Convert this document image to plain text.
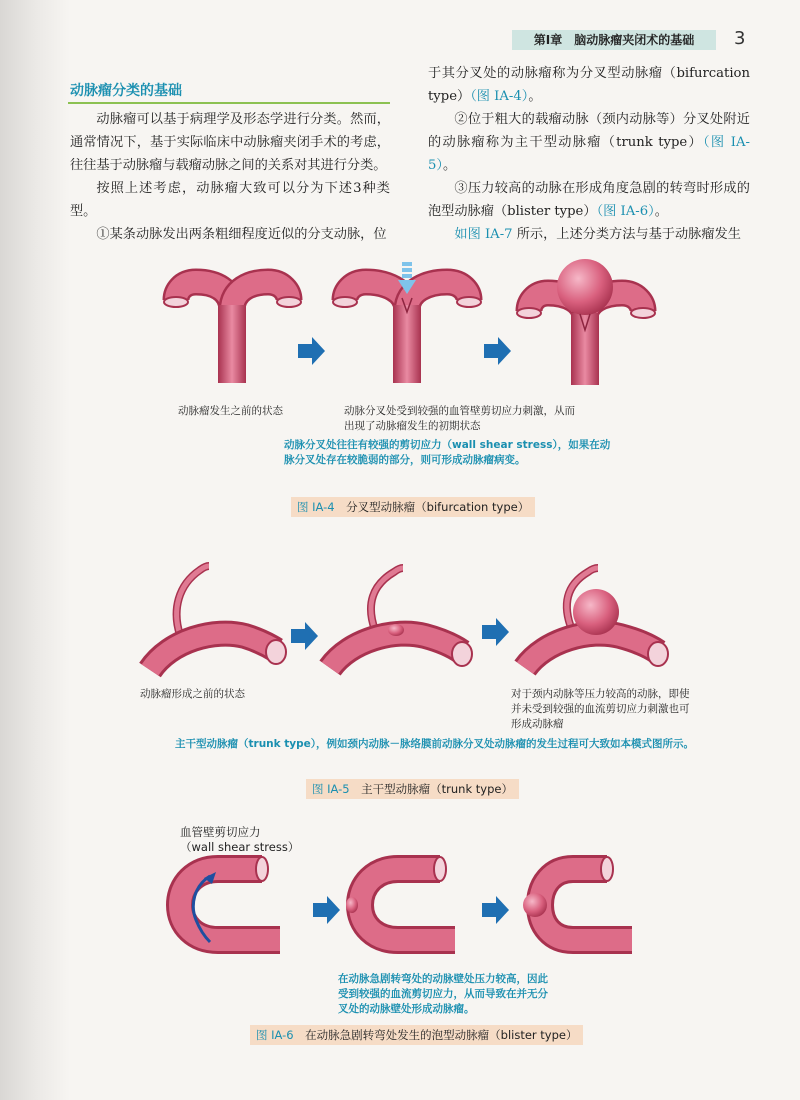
第Ⅰ章　脑动脉瘤夹闭术的基础	3
动脉瘤分类的基础

动脉瘤可以基于病理学及形态学进行分类。然而，通常情况下，基于实际临床中动脉瘤夹闭手术的考虑，往往基于动脉瘤与载瘤动脉之间的关系对其进行分类。

按照上述考虑，动脉瘤大致可以分为下述3种类型。

①某条动脉发出两条粗细程度近似的分支动脉，位

于其分叉处的动脉瘤称为分叉型动脉瘤（bifurcation type）（图 IA-4）。

②位于粗大的载瘤动脉（颈内动脉等）分叉处附近的动脉瘤称为主干型动脉瘤（trunk type）（图 IA-5）。

③压力较高的动脉在形成角度急剧的转弯时形成的泡型动脉瘤（blister type）（图 IA-6）。

如图 IA-7 所示，上述分类方法与基于动脉瘤发生

动脉瘤发生之前的状态	动脉分叉处受到较强的血管壁剪切应力刺激，从而出现了动脉瘤发生的初期状态
动脉分叉处往往有较强的剪切应力（wall shear stress），如果在动脉分叉处存在较脆弱的部分，则可形成动脉瘤病变。
图 IA-4　 分叉型动脉瘤（bifurcation type）
动脉瘤形成之前的状态	对于颈内动脉等压力较高的动脉，即使并未受到较强的血流剪切应力刺激也可形成动脉瘤
主干型动脉瘤（trunk type），例如颈内动脉－脉络膜前动脉分叉处动脉瘤的发生过程可大致如本模式图所示。
图 IA-5　 主干型动脉瘤（trunk type）
血管壁剪切应力
（wall shear stress）
在动脉急剧转弯处的动脉壁处压力较高，因此受到较强的血流剪切应力，从而导致在并无分叉处的动脉壁处形成动脉瘤。
图 IA-6　 在动脉急剧转弯处发生的泡型动脉瘤（blister type）
